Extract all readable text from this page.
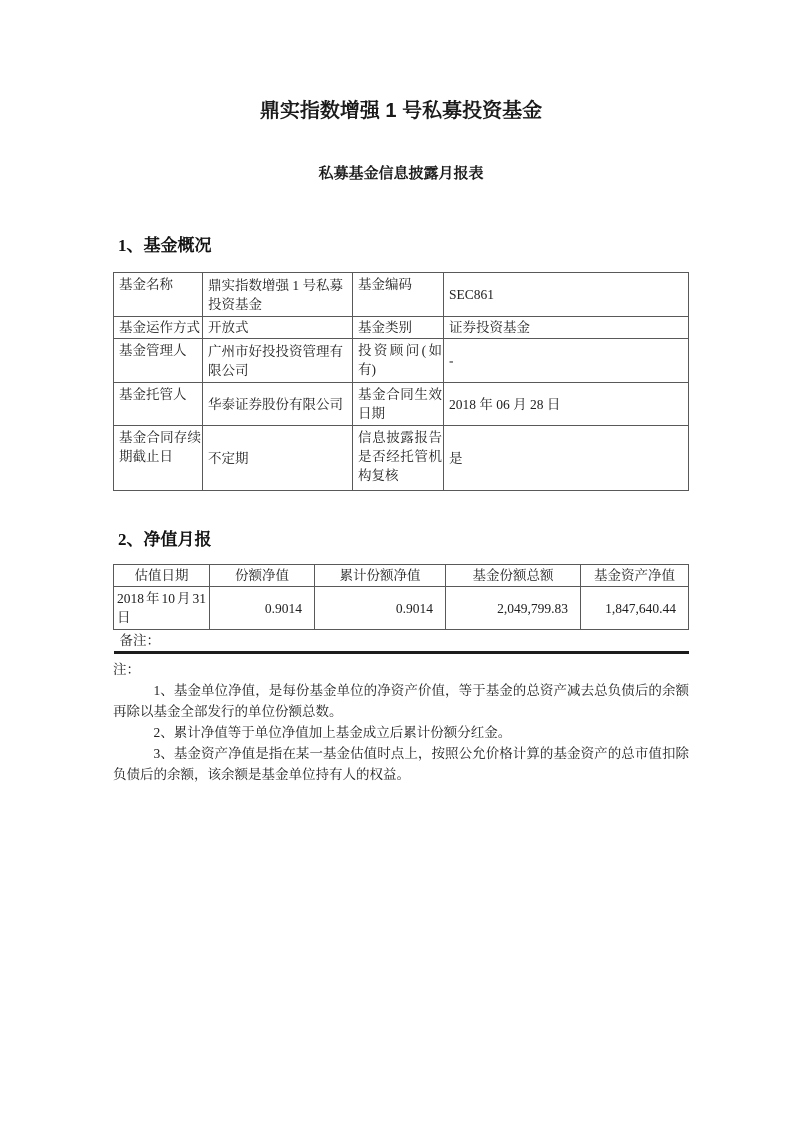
鼎实指数增强 1 号私募投资基金
私募基金信息披露月报表
1、基金概况
基金名称	鼎实指数增强 1 号私募投资基金	基金编码	SEC861
基金运作方式	开放式	基金类别	证券投资基金
基金管理人	广州市好投投资管理有限公司	投资顾问(如有)	-
基金托管人	华泰证券股份有限公司	基金合同生效日期	2018 年 06 月 28 日
基金合同存续期截止日	不定期	信息披露报告是否经托管机构复核	是
2、净值月报
估值日期	份额净值	累计份额净值	基金份额总额	基金资产净值
2018年10月31日	0.9014	0.9014	2,049,799.83	1,847,640.44
备注：				

注：

1、基金单位净值，是每份基金单位的净资产价值，等于基金的总资产减去总负债后的余额再除以基金全部发行的单位份额总数。

2、累计净值等于单位净值加上基金成立后累计份额分红金。

3、基金资产净值是指在某一基金估值时点上，按照公允价格计算的基金资产的总市值扣除负债后的余额，该余额是基金单位持有人的权益。
